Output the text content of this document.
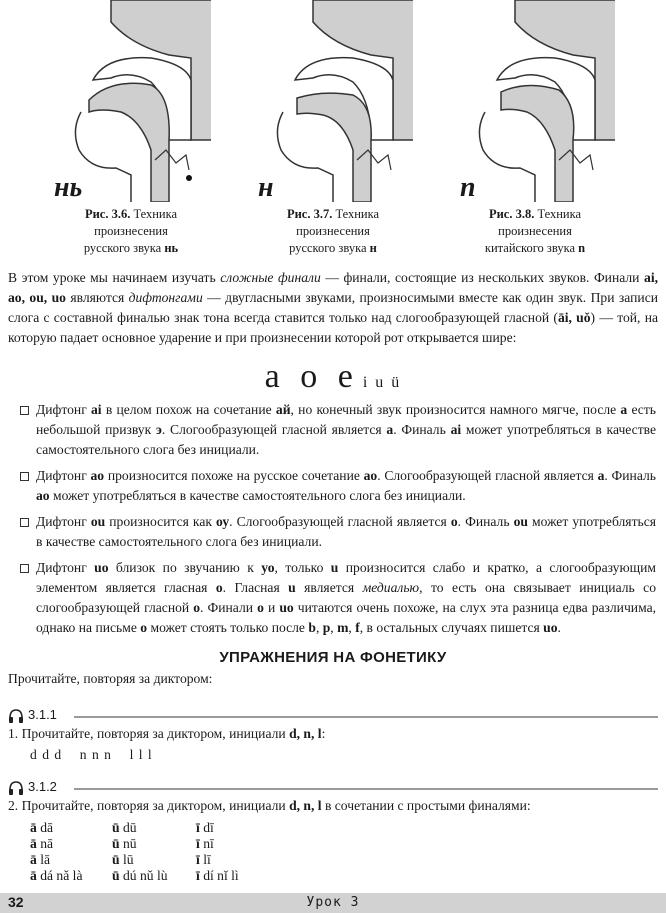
Рис. 3.6. Техника
произнесения
русского звука нь
нь
Рис. 3.7. Техника
произнесения
русского звука н
н
Рис. 3.8. Техника
произнесения
китайского звука n
n
В этом уроке мы начинаем изучать сложные финали — финали, состоящие из нескольких звуков. Финали ai, ao, ou, uo являются дифтонгами — двугласными звуками, произносимыми вместе как один звук. При записи слога с составной финалью знак тона всегда ставится только над слогообразующей гласной (āi, uǒ) — той, на которую падает основное ударение и при произнесении которой рот открывается шире:
a o e i u ü
Дифтонг ai в целом похож на сочетание ай, но конечный звук произносится намного мягче, после а есть небольшой призвук э. Слогообразующей гласной является a. Финаль ai может употребляться в качестве самостоятельного слога без инициали.
Дифтонг ao произносится похоже на русское сочетание ао. Слогообразующей гласной является a. Финаль ao может употребляться в качестве самостоятельного слога без инициали.
Дифтонг ou произносится как оу. Слогообразующей гласной является o. Финаль ou может употребляться в качестве самостоятельного слога без инициали.
Дифтонг uo близок по звучанию к уо, только u произносится слабо и кратко, а слогообразующим элементом является гласная o. Гласная u является медиалью, то есть она связывает инициаль со слогообразующей гласной o. Финали o и uo читаются очень похоже, на слух эта разница едва различима, однако на письме o может стоять только после b, p, m, f, в остальных случаях пишется uo.
УПРАЖНЕНИЯ НА ФОНЕТИКУ
Прочитайте, повторяя за диктором:
3.1.1
1. Прочитайте, повторяя за диктором, инициали d, n, l:
d d d    n n n    l l l
3.1.2
2. Прочитайте, повторяя за диктором, инициали d, n, l в сочетании с простыми финалями:
ā dā	ū dū	ī dī
ā nā	ū nū	ī nī
ā lā	ū lū	ī lī
ā dá nǎ là	ū dú nǔ lù	ī dí nǐ lì
32	Урок 3
